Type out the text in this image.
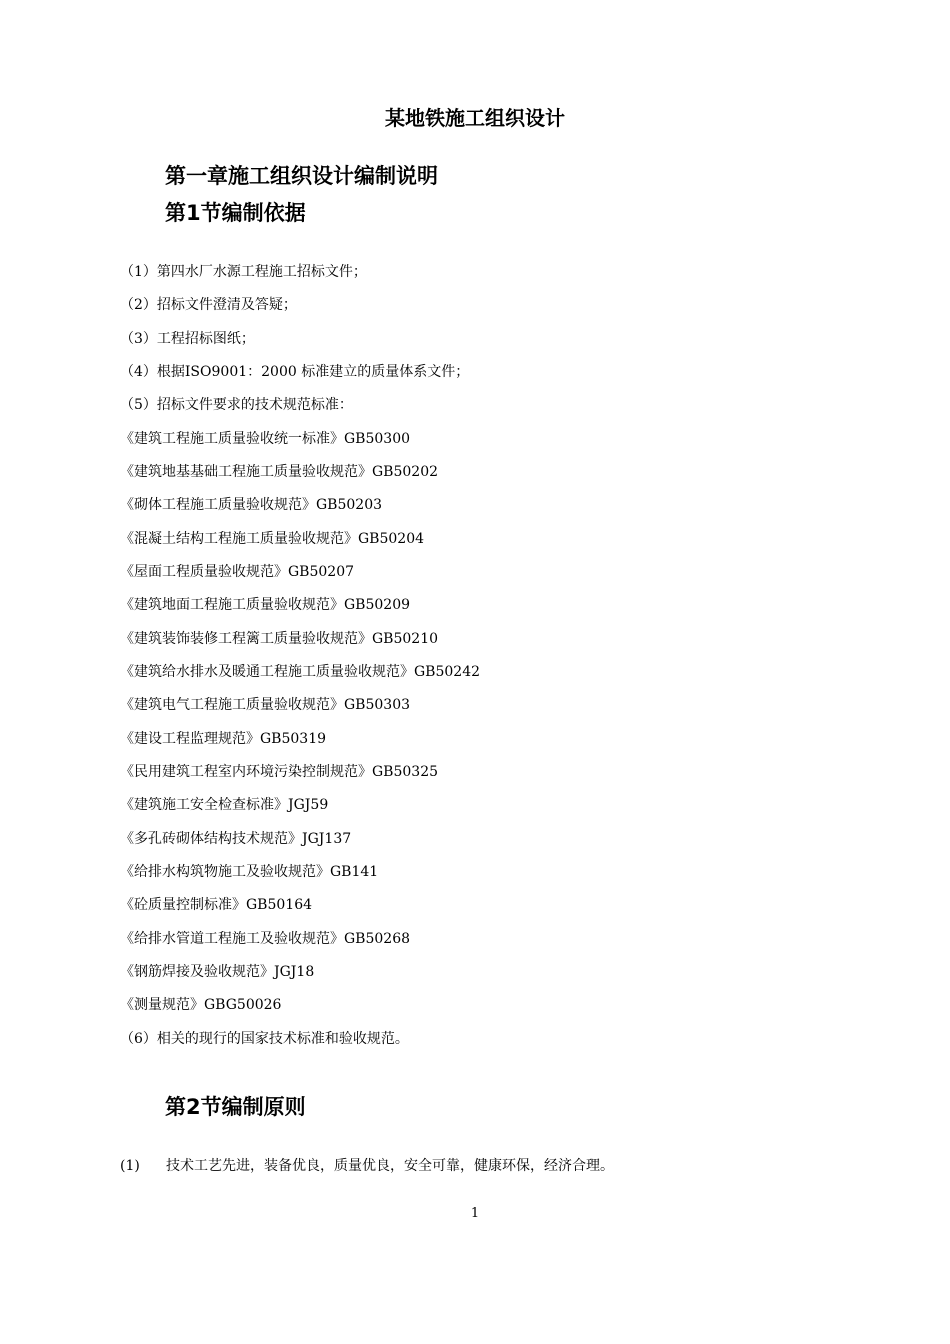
某地铁施工组织设计
第一章施工组织设计编制说明
第1节编制依据
（1）第四水厂水源工程施工招标文件；
（2）招标文件澄清及答疑；
（3）工程招标图纸；
（4）根据ISO9001：2000 标准建立的质量体系文件；
（5）招标文件要求的技术规范标准：
《建筑工程施工质量验收统一标准》GB50300
《建筑地基基础工程施工质量验收规范》GB50202
《砌体工程施工质量验收规范》GB50203
《混凝土结构工程施工质量验收规范》GB50204
《屋面工程质量验收规范》GB50207
《建筑地面工程施工质量验收规范》GB50209
《建筑装饰装修工程篱工质量验收规范》GB50210
《建筑给水排水及暖通工程施工质量验收规范》GB50242
《建筑电气工程施工质量验收规范》GB50303
《建设工程监理规范》GB50319
《民用建筑工程室内环境污染控制规范》GB50325
《建筑施工安全检查标准》JGJ59
《多孔砖砌体结构技术规范》JGJ137
《给排水构筑物施工及验收规范》GB141
《砼质量控制标准》GB50164
《给排水管道工程施工及验收规范》GB50268
《钢筋焊接及验收规范》JGJ18
《测量规范》GBG50026
（6）相关的现行的国家技术标准和验收规范。
第2节编制原则
(1) 技术工艺先进，装备优良，质量优良，安全可靠，健康环保，经济合理。
1
